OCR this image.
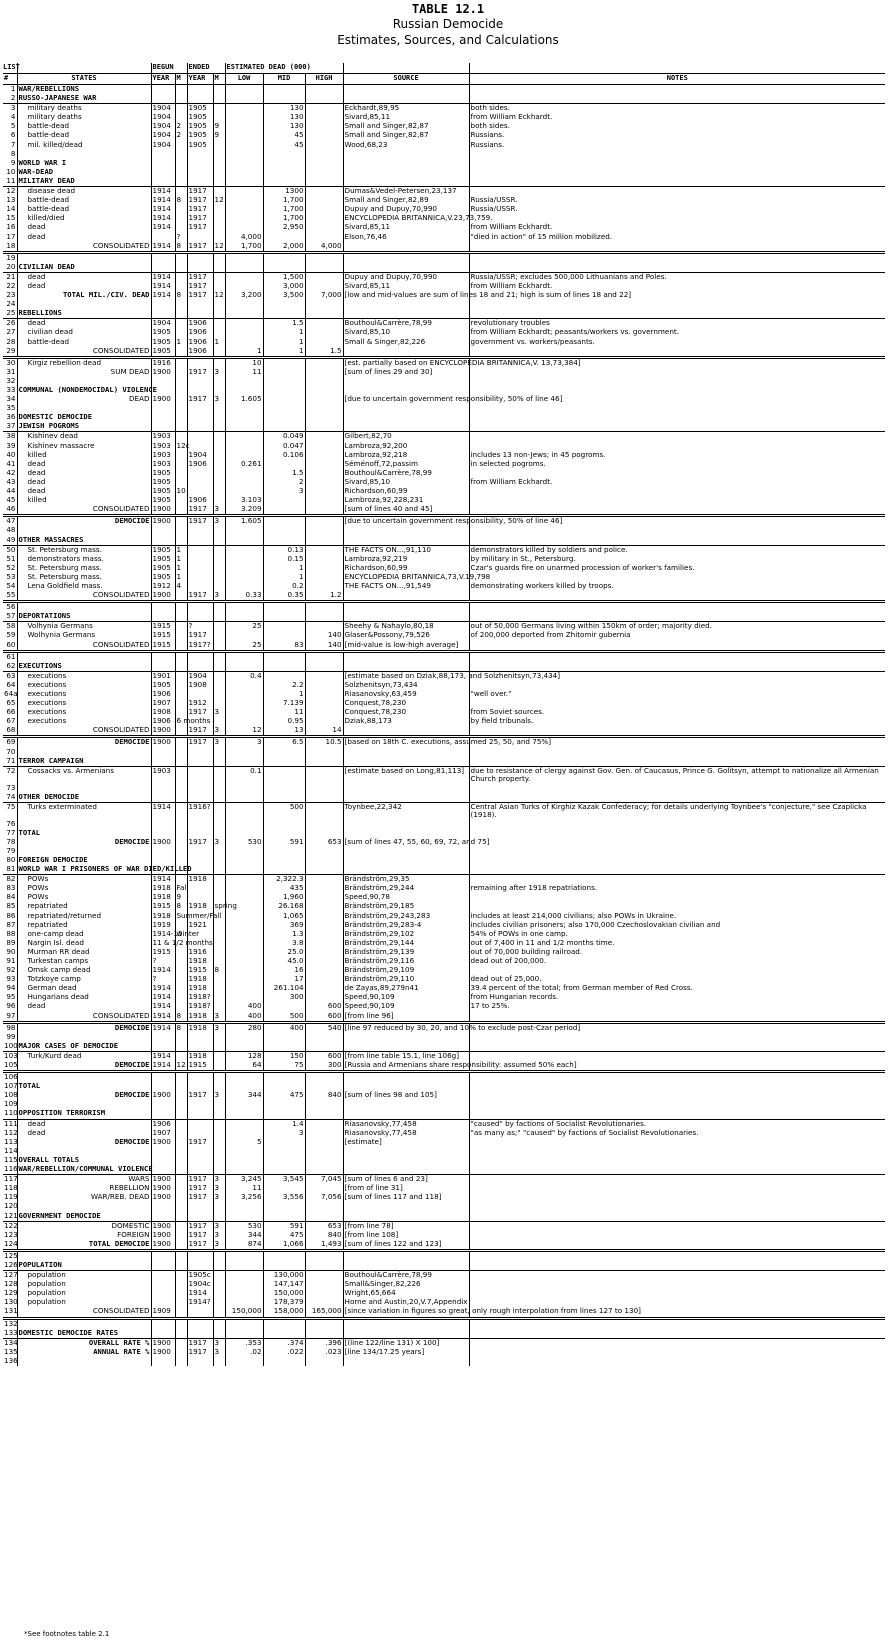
TABLE 12.1
Russian Democide
Estimates, Sources, and Calculations
LIST
			BEGUN		ENDED		ESTIMATED DEAD (000)				
#	STATES	YEAR	M	YEAR	M	LOW	MID	HIGH	SOURCE	NOTES
1	WAR/REBELLIONS									
2	RUSSO-JAPANESE WAR									
3	military deaths	1904		1905			130		Eckhardt,89,95	both sides.
4	military deaths	1904		1905			130		Sivard,85,11	from William Eckhardt.
5	battle-dead	1904	2	1905	9		130		Small and Singer,82,87	both sides.
6	battle-dead	1904	2	1905	9		45		Small and Singer,82,87	Russians.
7	mil. killed/dead	1904		1905			45		Wood,68,23	Russians.
8										
9	WORLD WAR I									
10	WAR-DEAD									
11	MILITARY DEAD									
12	disease dead	1914		1917			1300		Dumas&Vedel-Petersen,23,137	
13	battle-dead	1914	8	1917	12		1,700		Small and Singer,82,89	Russia/USSR.
14	battle-dead	1914		1917			1,700		Dupuy and Dupuy,70,990	Russia/USSR.
15	killed/died	1914		1917			1,700		ENCYCLOPEDIA BRITANNICA,V.23,73,759.	
16	dead	1914		1917			2,950		Sivard,85,11	from William Eckhardt.
17	dead		?			4,000			Elson,76,46	"died in action" of 15 million mobilized.
18	CONSOLIDATED	1914	8	1917	12	1,700	2,000	4,000		
19										
20	CIVILIAN DEAD									
21	dead	1914		1917			1,500		Dupuy and Dupuy,70,990	Russia/USSR; excludes 500,000 Lithuanians and Poles.
22	dead	1914		1917			3,000		Sivard,85,11	from William Eckhardt.
23	TOTAL MIL./CIV. DEAD	1914	8	1917	12	3,200	3,500	7,000	[low and mid-values are sum of lines 18 and 21; high is sum of lines 18 and 22]	
24										
25	REBELLIONS									
26	dead	1904		1906			1.5		Bouthoul&Carrère,78,99	revolutionary troubles
27	civilian dead	1905		1906			1		Sivard,85,10	from William Eckhardt; peasants/workers vs. government.
28	battle-dead	1905	1	1906	1		1		Small & Singer,82,226	government vs. workers/peasants.
29	CONSOLIDATED	1905		1906		1	1	1.5		
30	Kirgiz rebellion dead	1916				10			[est. partially based on ENCYCLOPEDIA BRITANNICA,V. 13,73,384]	
31	SUM DEAD	1900		1917	3	11			[sum of lines 29 and 30]	
32										
33	COMMUNAL (NONDEMOCIDAL) VIOLENCE									
34	DEAD	1900		1917	3	1.605			[due to uncertain government responsibility, 50% of line 46]	
35										
36	DOMESTIC DEMOCIDE									
37	JEWISH POGROMS									
38	Kishinev dead	1903					0.049		Gilbert,82,70	
39	Kishinev massacre	1903	12c				0.047		Lambroza,92,200	
40	killed	1903		1904			0.106		Lambroza,92,218	includes 13 non-Jews; in 45 pogroms.
41	dead	1903		1906		0.261			Séménoff,72,passim	in selected pogroms.
42	dead	1905					1.5		Bouthoul&Carrère,78,99	
43	dead	1905					2		Sivard,85,10	from William Eckhardt.
44	dead	1905	10				3		Richardson,60,99	
45	killed	1905		1906		3.103			Lambroza,92,228,231	
46	CONSOLIDATED	1900		1917	3	3.209			[sum of lines 40 and 45]	
47	DEMOCIDE	1900		1917	3	1.605			[due to uncertain government responsibility, 50% of line 46]	
48										
49	OTHER MASSACRES									
50	St. Petersburg mass.	1905	1				0.13		THE FACTS ON...,91,110	demonstrators killed by soldiers and police.
51	demonstrators mass.	1905	1				0.15		Lambroza,92,219	by military in St., Petersburg.
52	St. Petersburg mass.	1905	1				1		Richardson,60,99	Czar's guards fire on unarmed procession of worker's families.
53	St. Petersburg mass.	1905	1				1		ENCYCLOPEDIA BRITANNICA,73,V.19,798	
54	Lena Goldfield mass.	1912	4				0.2		THE FACTS ON...,91,549	demonstrating workers killed by troops.
55	CONSOLIDATED	1900		1917	3	0.33	0.35	1.2		
56										
57	DEPORTATIONS									
58	Volhynia Germans	1915		?		25			Sheehy & Nahaylo,80,18	out of 50,000 Germans living within 150km of order; majority died.
59	Wolhynia Germans	1915		1917				140	Glaser&Possony,79,526	of 200,000 deported from Zhitomir guberniа
60	CONSOLIDATED	1915		1917?		25	83	140	[mid-value is low-high average]	
61										
62	EXECUTIONS									
63	executions	1901		1904		0.4			[estimate based on Dziak,88,173, and Solzhenitsyn,73,434]	
64	executions	1905		1908			2.2		Solzhenitsyn,73,434	
64a	executions	1906					1		Riasanovsky,63,459	"well over."
65	executions	1907		1912			7.139		Conquest,78,230	
66	executions	1908		1917	3		11		Conquest,78,230	from Soviet sources.
67	executions	1906	6 months				0.95		Dziak,88,173	by field tribunals.
68	CONSOLIDATED	1900		1917	3	12	13	14		
69	DEMOCIDE	1900		1917	3	3	6.5	10.5	[based on 18th C. executions, assumed 25, 50, and 75%]	
70										
71	TERROR CAMPAIGN									
72	Cossacks vs. Armenians	1903				0.1			[estimate based on Long,81,113]	due to resistance of clergy against Gov. Gen. of Caucasus, Prince G. Golitsyn, attempt to nationalize all Armenian Church property.
73										
74	OTHER DEMOCIDE									
75	Turks exterminated	1914		1916?			500		Toynbee,22,342	Central Asian Turks of Kirghiz Kazak Confederacy; for details underlying Toynbee's "conjecture," see Czaplicka (1918).
76										
77	TOTAL									
78	DEMOCIDE	1900		1917	3	530	591	653	[sum of lines 47, 55, 60, 69, 72, and 75]	
79										
80	FOREIGN DEMOCIDE									
81	WORLD WAR I PRISONERS OF WAR DIED/KILLED									
82	POWs	1914		1918			2,322.3		Brändström,29,35	
83	POWs	1918	Fall				435		Brändström,29,244	remaining after 1918 repatriations.
84	POWs	1918	9				1,960		Speed,90,78	
85	repatriated	1915	8	1918	spring		26.168		Brändström,29,185	
86	repatriated/returned	1918	Summer/Fall				1,065		Brändström,29,243,283	includes at least 214,000 civilians; also POWs in Ukraine.
87	repatriated	1919		1921			369		Brändström,29,283-4	includes civilian prisoners; also 170,000 Czechoslovakian civilian and
88	one-camp dead	1914-15	winter				1.3		Brändström,29,102	54% of POWs in one camp.
89	Nargin Isl. dead	11 & 1/2 months					3.8		Brändström,29,144	out of 7,400 in 11 and 1/2 months time.
90	Murman RR dead	1915		1916			25.0		Brändström,29,139	out of 70,000 building railroad.
91	Turkestan camps	?		1918			45.0		Brändström,29,116	dead out of 200,000.
92	Omsk camp dead	1914		1915	8		16		Brändström,29,109	
93	Totzkoye camp	?		1918			17		Brändström,29,110	dead out of 25,000.
94	German dead	1914		1918			261.104		de Zayas,89,279n41	39.4 percent of the total; from German member of Red Cross.
95	Hungarians dead	1914		1918?			300		Speed,90,109	from Hungarian records.
96	dead	1914		1918?		400		600	Speed,90,109	17 to 25%.
97	CONSOLIDATED	1914	8	1918	3	400	500	600	[from line 96]	
98	DEMOCIDE	1914	8	1918	3	280	400	540	[line 97 reduced by 30, 20, and 10% to exclude post-Czar period]	
99										
100	MAJOR CASES OF DEMOCIDE									
103	Turk/Kurd dead	1914		1918		128	150	600	[from line table 15.1, line 106g]	
105	DEMOCIDE	1914	12	1915		64	75	300	[Russia and Armenians share responsibility: assumed 50% each]	
106										
107	TOTAL									
108	DEMOCIDE	1900		1917	3	344	475	840	[sum of lines 98 and 105]	
109										
110	OPPOSITION TERRORISM									
111	dead	1906					1.4		Riasanovsky,77,458	"caused" by factions of Socialist Revolutionaries.
112	dead	1907					3		Riasanovsky,77,458	"as many as;" "caused" by factions of Socialist Revolutionaries.
113	DEMOCIDE	1900		1917		5			[estimate]	
114										
115	OVERALL TOTALS									
116	WAR/REBELLION/COMMUNAL VIOLENCE									
117	WARS	1900		1917	3	3,245	3,545	7,045	[sum of lines 6 and 23]	
118	REBELLION	1900		1917	3	11			[from of line 31]	
119	WAR/REB. DEAD	1900		1917	3	3,256	3,556	7,056	[sum of lines 117 and 118]	
120										
121	GOVERNMENT DEMOCIDE									
122	DOMESTIC	1900		1917	3	530	591	653	[from line 78]	
123	FOREIGN	1900		1917	3	344	475	840	[from line 108]	
124	TOTAL DEMOCIDE	1900		1917	3	874	1,066	1,493	[sum of lines 122 and 123]	
125										
126	POPULATION									
127	population			1905c			130,000		Bouthoul&Carrère,78,99	
128	population			1904c			147,147		Small&Singer,82,226	
129	population			1914			150,000		Wright,65,664	
130	population			1914?			178,379		Horne and Austin,20,V.7,Appendix	
131	CONSOLIDATED	1909				150,000	158,000	165,000	[since variation in figures so great, only rough interpolation from lines 127 to 130]	
132										
133	DOMESTIC DEMOCIDE RATES									
134	OVERALL RATE %	1900		1917	3	.353	.374	.396	[(line 122/line 131) X 100]	
135	ANNUAL RATE %	1900		1917	3	.02	.022	.023	[line 134/17.25 years]	
136										
*See footnotes table 2.1
